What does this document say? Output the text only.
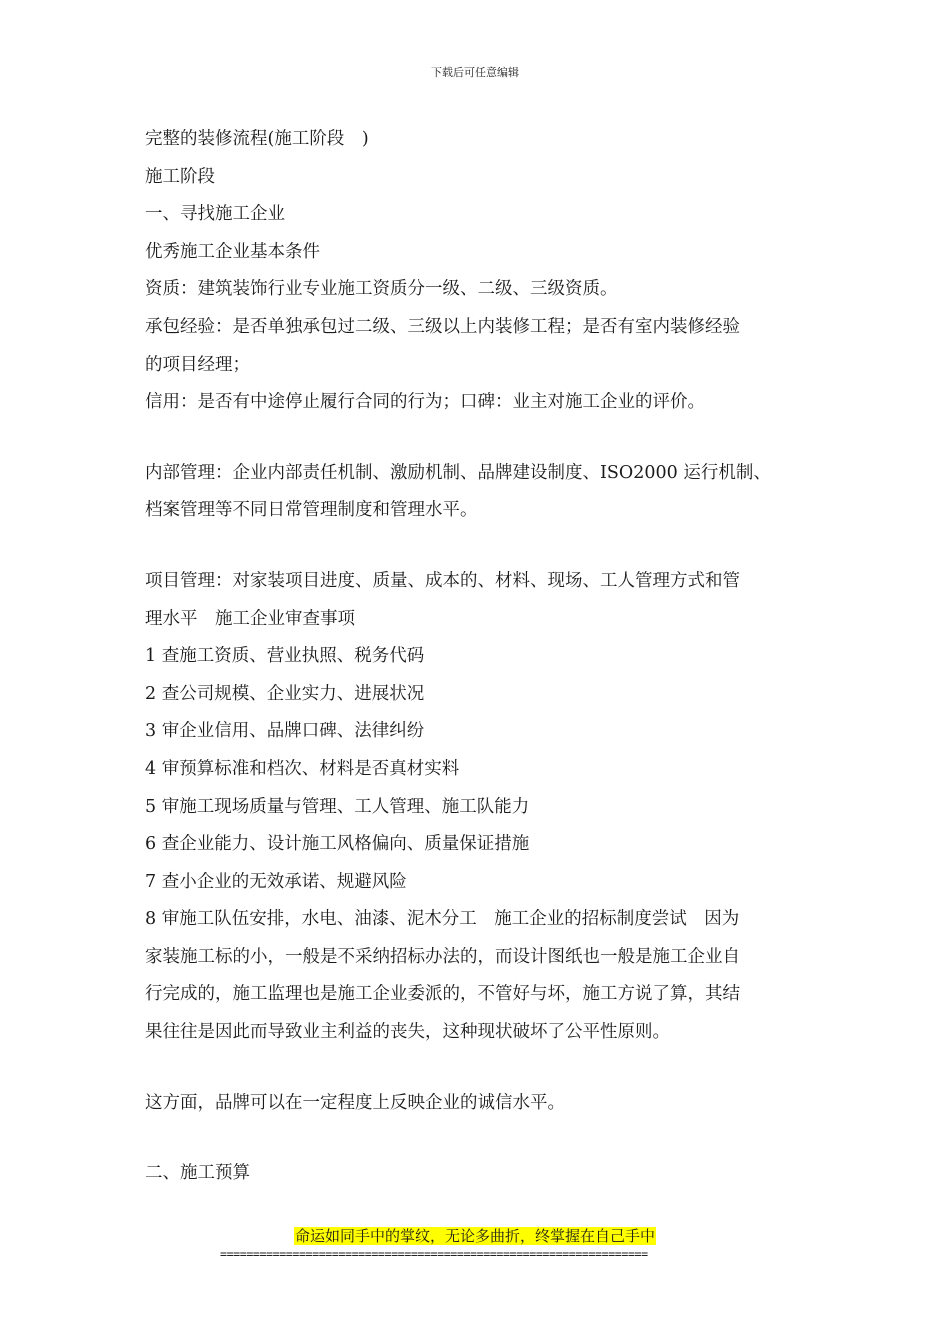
下载后可任意编辑
完整的装修流程(施工阶段　)
施工阶段
一、寻找施工企业
优秀施工企业基本条件
资质：建筑装饰行业专业施工资质分一级、二级、三级资质。
承包经验：是否单独承包过二级、三级以上内装修工程；是否有室内装修经验
的项目经理；
信用：是否有中途停止履行合同的行为；口碑：业主对施工企业的评价。
内部管理：企业内部责任机制、激励机制、品牌建设制度、ISO2000 运行机制、
档案管理等不同日常管理制度和管理水平。
项目管理：对家装项目进度、质量、成本的、材料、现场、工人管理方式和管
理水平　施工企业审查事项
1 查施工资质、营业执照、税务代码
2 查公司规模、企业实力、进展状况
3 审企业信用、品牌口碑、法律纠纷
4 审预算标准和档次、材料是否真材实料
5 审施工现场质量与管理、工人管理、施工队能力
6 查企业能力、设计施工风格偏向、质量保证措施
7 查小企业的无效承诺、规避风险
8 审施工队伍安排，水电、油漆、泥木分工　施工企业的招标制度尝试　因为
家装施工标的小，一般是不采纳招标办法的，而设计图纸也一般是施工企业自
行完成的，施工监理也是施工企业委派的，不管好与坏，施工方说了算，其结
果往往是因此而导致业主利益的丧失，这种现状破坏了公平性原则。
这方面，品牌可以在一定程度上反映企业的诚信水平。
二、施工预算
命运如同手中的掌纹，无论多曲折，终掌握在自己手中
=================================================================
